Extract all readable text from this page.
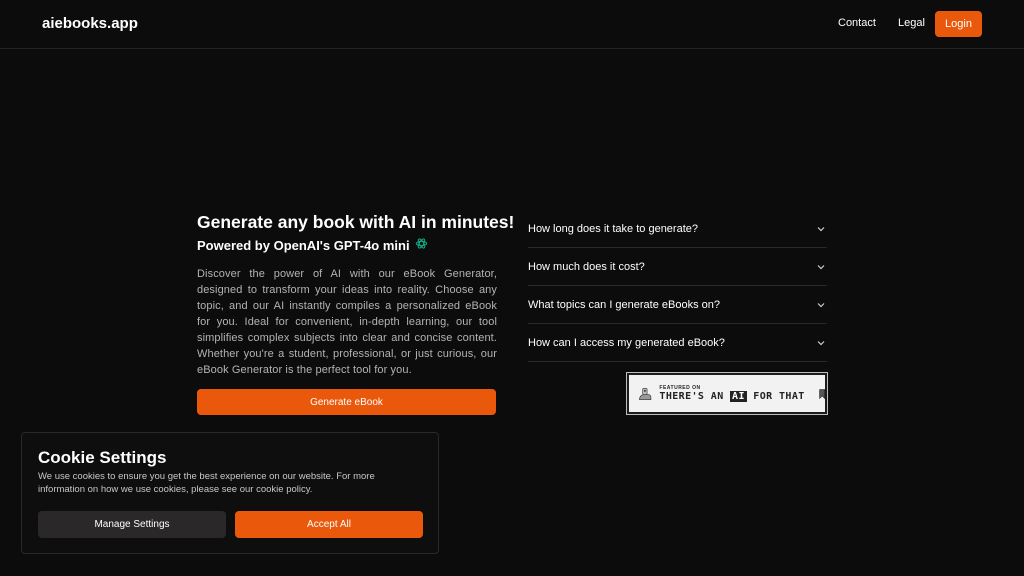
aiebooks.app	Contact Legal	Login
Generate any book with AI in minutes!
Powered by OpenAI's GPT-4o mini

Discover the power of AI with our eBook Generator, designed to transform your ideas into reality. Choose any topic, and our AI instantly compiles a personalized eBook for you. Ideal for convenient, in-depth learning, our tool simplifies complex subjects into clear and concise content. Whether you're a student, professional, or just curious, our eBook Generator is the perfect tool for you.

Generate eBook
How long does it take to generate?
How much does it cost?
What topics can I generate eBooks on?
How can I access my generated eBook?
FEATURED ON
THERE'S AN AI FOR THAT
Cookie Settings

We use cookies to ensure you get the best experience on our website. For more information on how we use cookies, please see our cookie policy.

Manage Settings	Accept All
